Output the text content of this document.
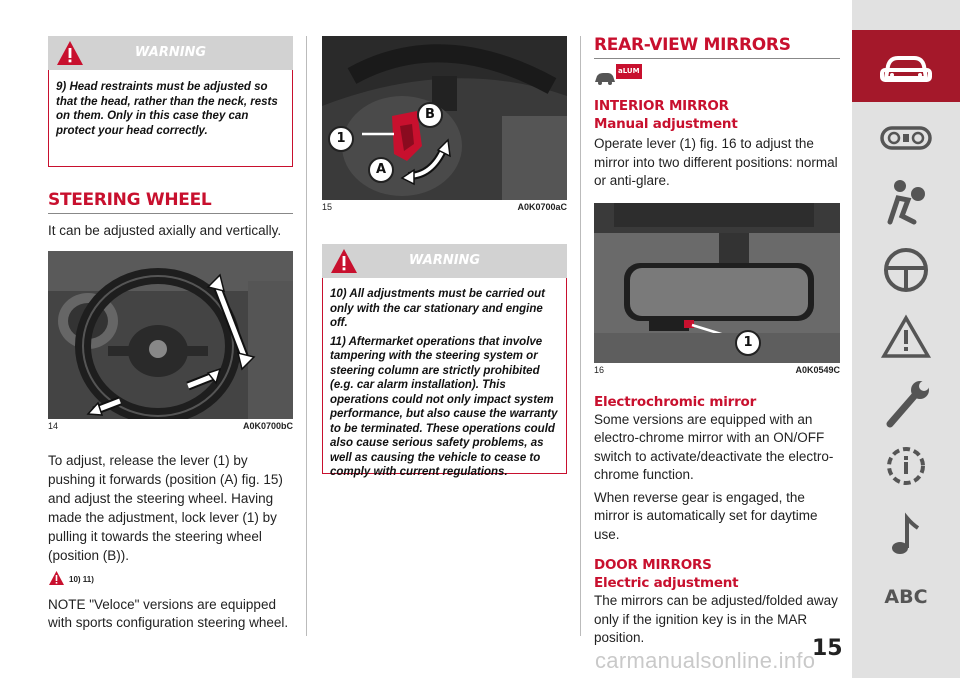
WARNING

9) Head restraints must be adjusted so that the head, rather than the neck, rests on them. Only in this case they can protect your head correctly.

STEERING WHEEL

It can be adjusted axially and vertically.

14	A0K0700bC

To adjust, release the lever (1) by pushing it forwards (position (A) fig. 15) and adjust the steering wheel. Having made the adjustment, lock lever (1) by pulling it towards the steering wheel (position (B)).

10) 11)

NOTE "Veloce" versions are equipped with sports configuration steering wheel.

1
B
A
15	A0K0700aC
WARNING

10) All adjustments must be carried out only with the car stationary and engine off.

11) Aftermarket operations that involve tampering with the steering system or steering column are strictly prohibited (e.g. car alarm installation). This operations could not only impact system performance, but also cause the warranty to be terminated. These operations could also cause serious safety problems, as well as causing the vehicle to cease to comply with current regulations.

REAR-VIEW MIRRORS
aLUM
INTERIOR MIRROR
Manual adjustment

Operate lever (1) fig. 16 to adjust the mirror into two different positions: normal or anti-glare.

1
16	A0K0549C
Electrochromic mirror

Some versions are equipped with an electro-chrome mirror with an ON/OFF switch to activate/deactivate the electro-chrome function.

When reverse gear is engaged, the mirror is automatically set for daytime use.

DOOR MIRRORS
Electric adjustment

The mirrors can be adjusted/folded away only if the ignition key is in the MAR position.

ABC
carmanualsonline.info
15
